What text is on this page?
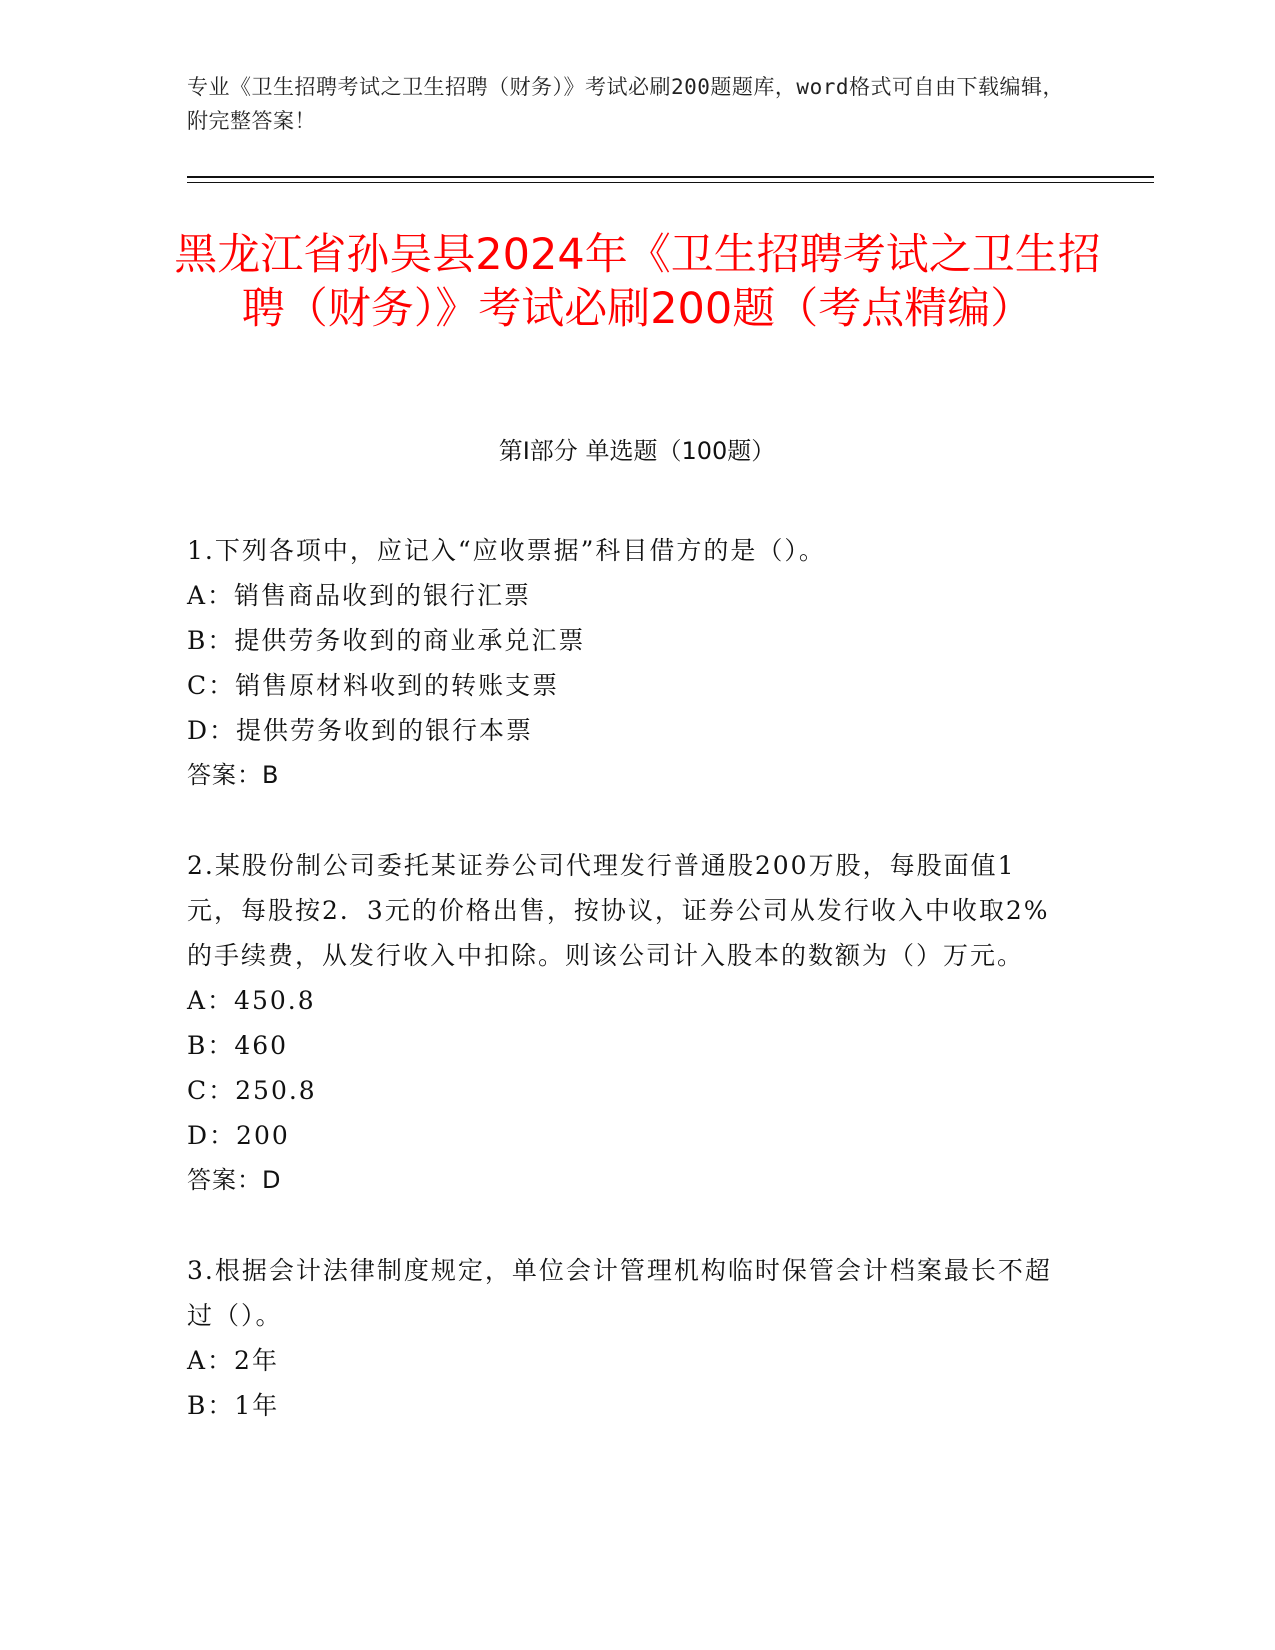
专业《卫生招聘考试之卫生招聘（财务）》考试必刷200题题库，word格式可自由下载编辑，附完整答案！
黑龙江省孙吴县2024年《卫生招聘考试之卫生招聘（财务）》考试必刷200题（考点精编）
第Ⅰ部分 单选题（100题）

1.下列各项中，应记入“应收票据”科目借方的是（）。

A：销售商品收到的银行汇票

B：提供劳务收到的商业承兑汇票

C：销售原材料收到的转账支票

D：提供劳务收到的银行本票

答案：B

2.某股份制公司委托某证券公司代理发行普通股200万股，每股面值1元，每股按2．3元的价格出售，按协议，证券公司从发行收入中收取2%的手续费，从发行收入中扣除。则该公司计入股本的数额为（）万元。

A：450.8

B：460

C：250.8

D：200

答案：D

3.根据会计法律制度规定，单位会计管理机构临时保管会计档案最长不超过（）。

A：2年

B：1年
